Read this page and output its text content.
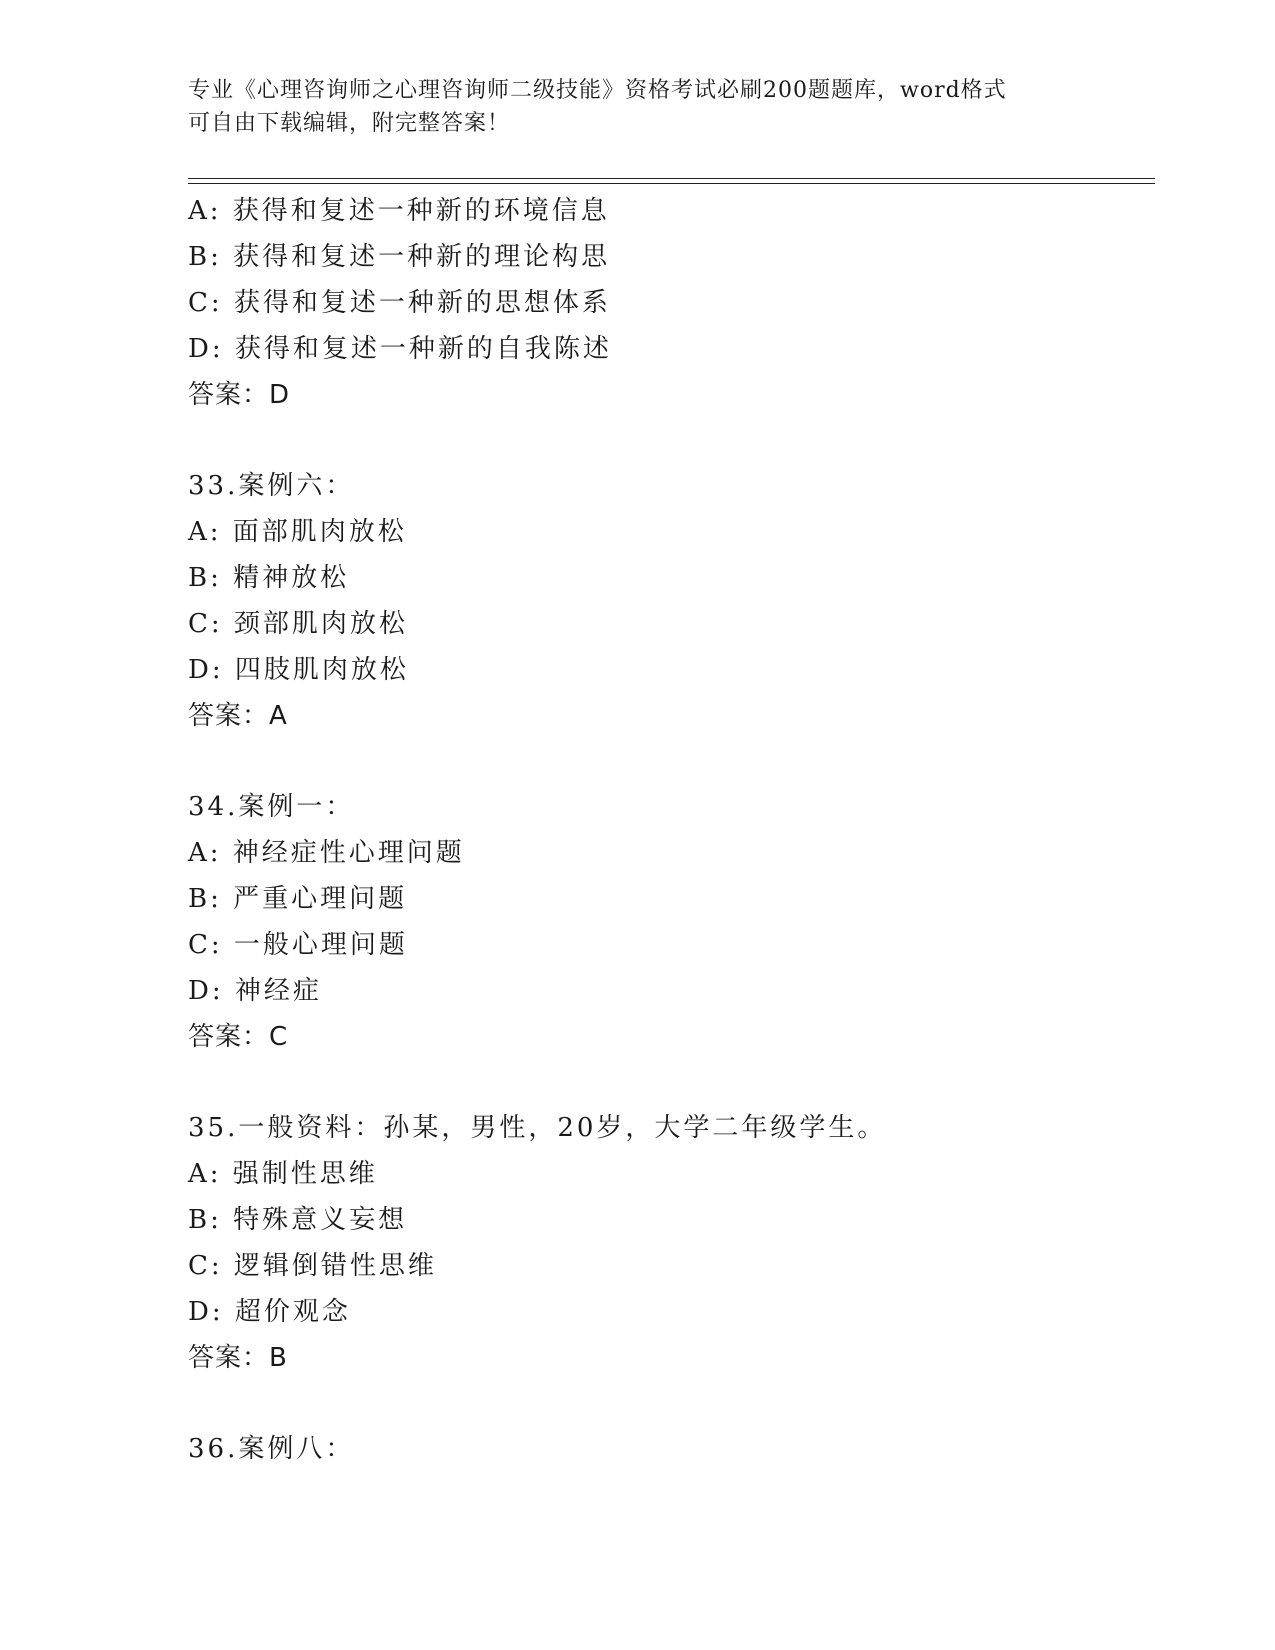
专业《心理咨询师之心理咨询师二级技能》资格考试必刷200题题库，word格式
可自由下载编辑，附完整答案！
A: 获得和复述一种新的环境信息
B: 获得和复述一种新的理论构思
C: 获得和复述一种新的思想体系
D: 获得和复述一种新的自我陈述
答案：D
33.案例六：
A: 面部肌肉放松
B: 精神放松
C: 颈部肌肉放松
D: 四肢肌肉放松
答案：A
34.案例一：
A: 神经症性心理问题
B: 严重心理问题
C: 一般心理问题
D: 神经症
答案：C
35.一般资料：孙某，男性，20岁，大学二年级学生。
A: 强制性思维
B: 特殊意义妄想
C: 逻辑倒错性思维
D: 超价观念
答案：B
36.案例八：
